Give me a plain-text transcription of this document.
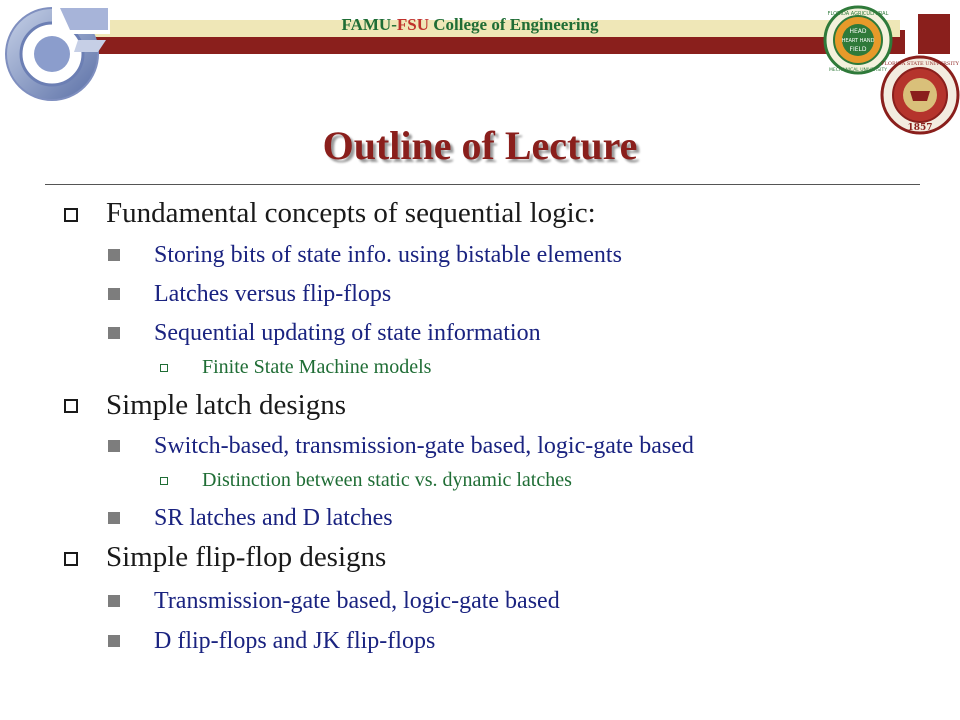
FAMU-FSU College of Engineering	HEAD
HEART HAND
FIELD
FLORIDA AGRICULTURAL
MECHANICAL UNIVERSITY
FLORIDA STATE UNIVERSITY
1857
Outline of Lecture
Fundamental concepts of sequential logic:
Storing bits of state info. using bistable elements
Latches versus flip-flops
Sequential updating of state information
Finite State Machine models
Simple latch designs
Switch-based, transmission-gate based, logic-gate based
Distinction between static vs. dynamic latches
SR latches and D latches
Simple flip-flop designs
Transmission-gate based, logic-gate based
D flip-flops and JK flip-flops
